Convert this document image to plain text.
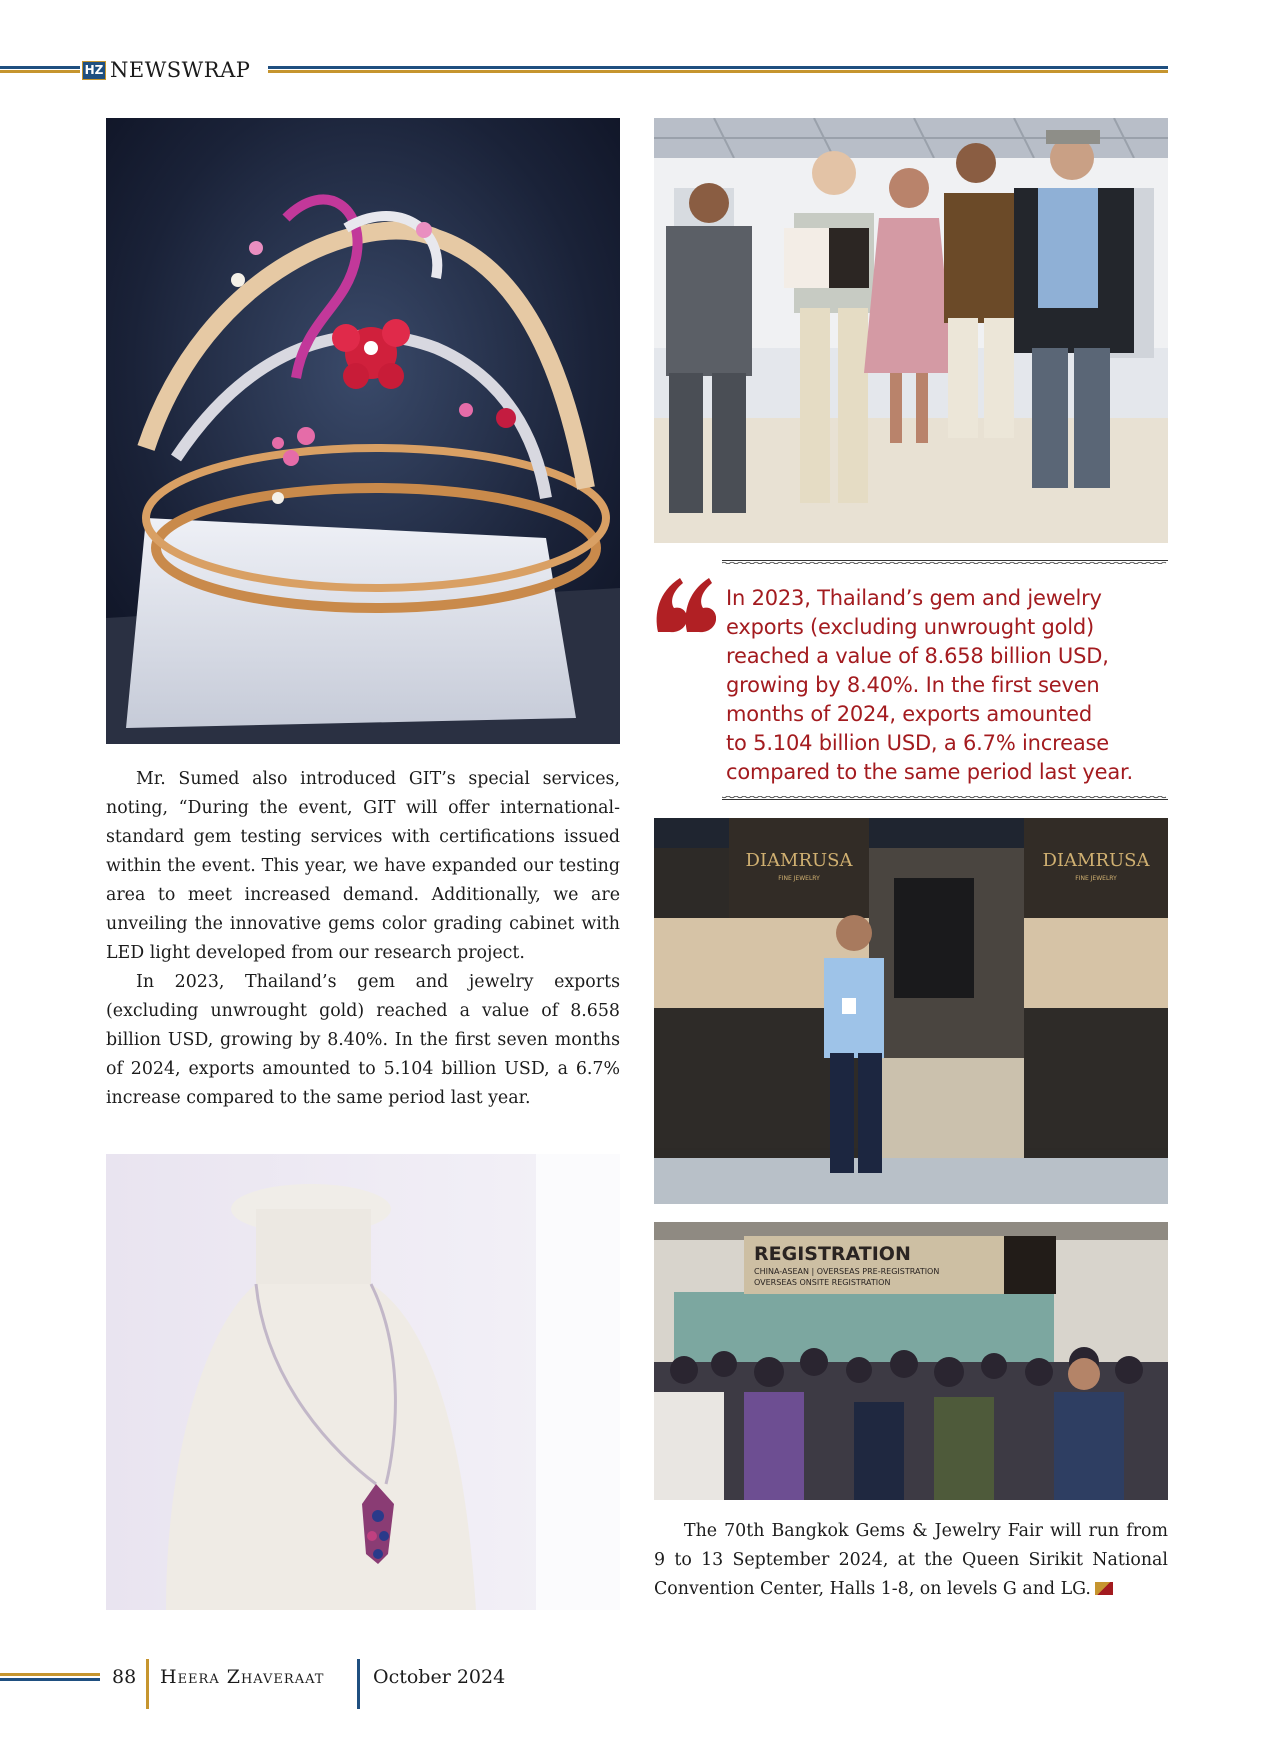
HZ NEWSWRAP
In 2023, Thailand’s gem and jewelry
exports (excluding unwrought gold)
reached a value of 8.658 billion USD,
growing by 8.40%. In the first seven
months of 2024, exports amounted
to 5.104 billion USD, a 6.7% increase
compared to the same period last year.

Mr. Sumed also introduced GIT’s special services, noting, “During the event, GIT will offer international-standard gem testing services with certifications issued within the event. This year, we have expanded our testing area to meet increased demand. Additionally, we are unveiling the innovative gems color grading cabinet with LED light developed from our research project.

In 2023, Thailand’s gem and jewelry exports (excluding unwrought gold) reached a value of 8.658 billion USD, growing by 8.40%. In the first seven months of 2024, exports amounted to 5.104 billion USD, a 6.7% increase compared to the same period last year.

DIAMRUSA
FINE JEWELRY
DIAMRUSA
FINE JEWELRY
REGISTRATION
CHINA-ASEAN | OVERSEAS PRE-REGISTRATION
OVERSEAS ONSITE REGISTRATION

The 70th Bangkok Gems & Jewelry Fair will run from 9 to 13 September 2024, at the Queen Sirikit National Convention Center, Halls 1-8, on levels G and LG.

88 Heera Zhaveraat	October 2024
